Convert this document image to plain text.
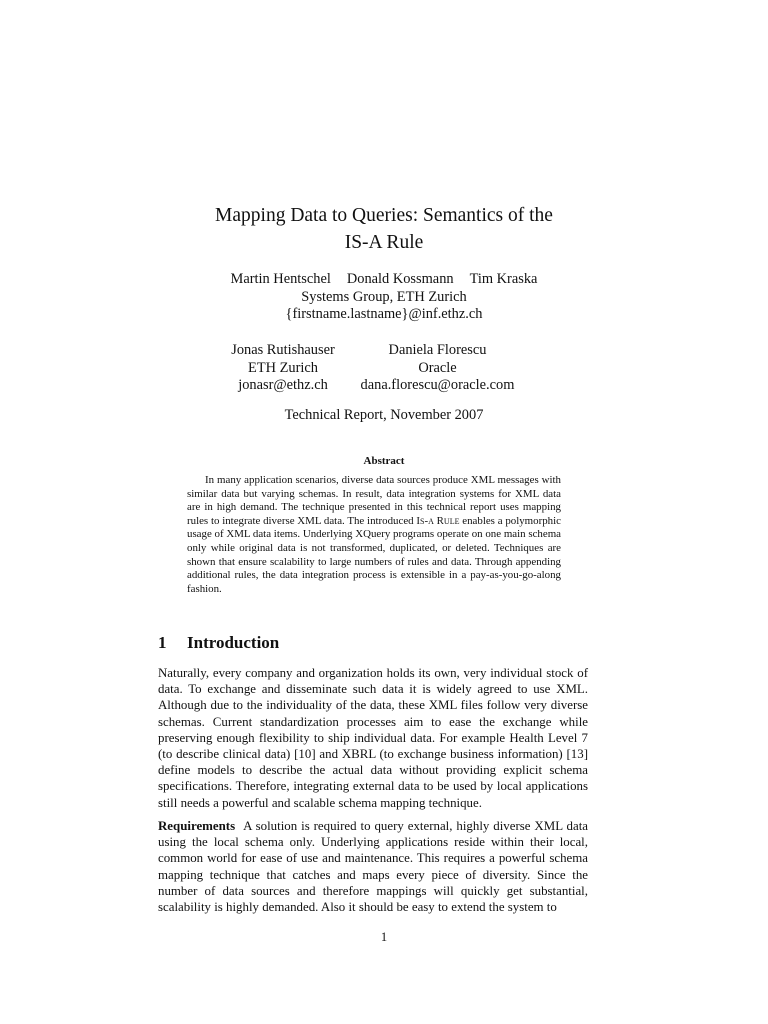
Mapping Data to Queries: Semantics of the
IS-A Rule
Martin Hentschel Donald Kossmann Tim Kraska
Systems Group, ETH Zurich
{firstname.lastname}@inf.ethz.ch
Jonas Rutishauser
ETH Zurich
jonasr@ethz.ch
Daniela Florescu
Oracle
dana.florescu@oracle.com
Technical Report, November 2007
Abstract
In many application scenarios, diverse data sources produce XML messages with similar data but varying schemas. In result, data integration systems for XML data are in high demand. The technique presented in this technical report uses mapping rules to integrate diverse XML data. The introduced Is-a Rule enables a polymorphic usage of XML data items. Underlying XQuery programs operate on one main schema only while original data is not transformed, duplicated, or deleted. Techniques are shown that ensure scalability to large numbers of rules and data. Through appending additional rules, the data integration process is extensible in a pay-as-you-go-along fashion.
1 Introduction
Naturally, every company and organization holds its own, very individual stock of data. To exchange and disseminate such data it is widely agreed to use XML. Although due to the individuality of the data, these XML files follow very diverse schemas. Current standardization processes aim to ease the exchange while preserving enough flexibility to ship individual data. For example Health Level 7 (to describe clinical data) [10] and XBRL (to exchange business information) [13] define models to describe the actual data without providing explicit schema specifications. Therefore, integrating external data to be used by local applications still needs a powerful and scalable schema mapping technique.
Requirements A solution is required to query external, highly diverse XML data using the local schema only. Underlying applications reside within their local, common world for ease of use and maintenance. This requires a powerful schema mapping technique that catches and maps every piece of diversity. Since the number of data sources and therefore mappings will quickly get substantial, scalability is highly demanded. Also it should be easy to extend the system to
1
